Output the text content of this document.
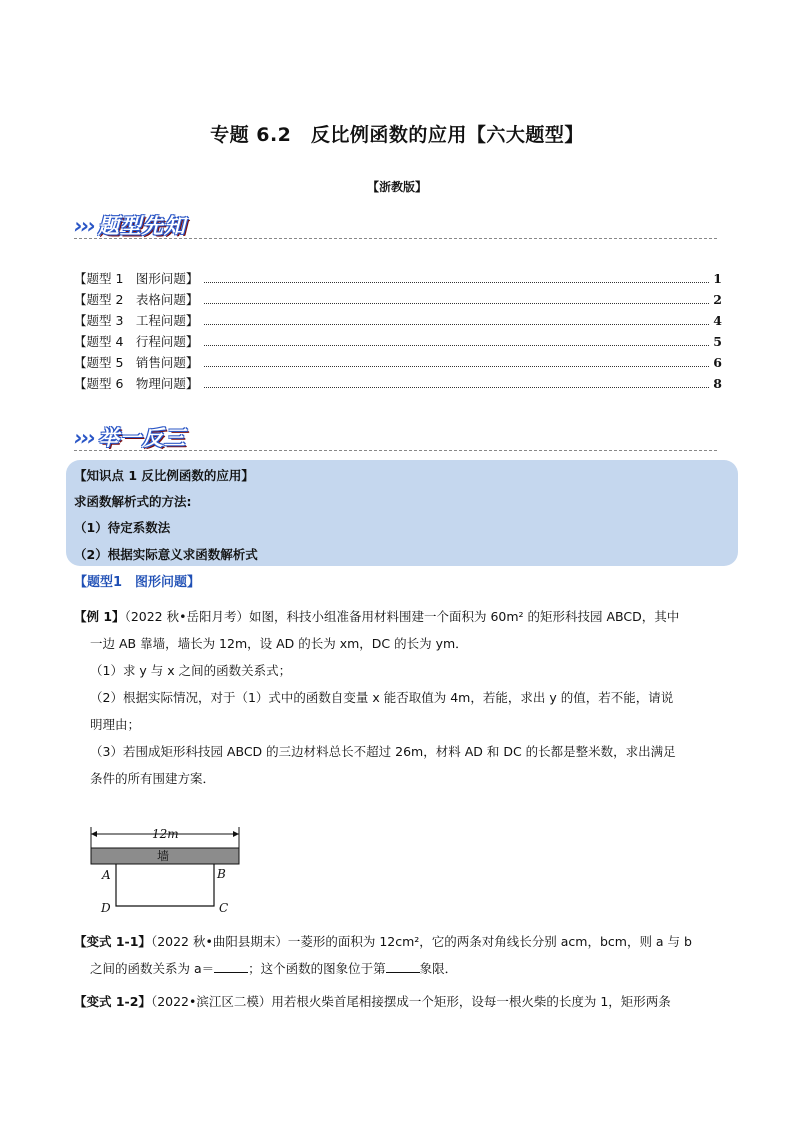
专题 6.2　反比例函数的应用【六大题型】
【浙教版】
››› 题型先知
【题型 1　图形问题】	1
【题型 2　表格问题】	2
【题型 3　工程问题】	4
【题型 4　行程问题】	5
【题型 5　销售问题】	6
【题型 6　物理问题】	8
››› 举一反三
【知识点 1 反比例函数的应用】
求函数解析式的方法:
（1）待定系数法
（2）根据实际意义求函数解析式
【题型1　图形问题】
【例 1】（2022 秋•岳阳月考）如图，科技小组准备用材料围建一个面积为 60m² 的矩形科技园 ABCD，其中
一边 AB 靠墙，墙长为 12m，设 AD 的长为 xm，DC 的长为 ym．
（1）求 y 与 x 之间的函数关系式；
（2）根据实际情况，对于（1）式中的函数自变量 x 能否取值为 4m，若能，求出 y 的值，若不能，请说
明理由；
（3）若围成矩形科技园 ABCD 的三边材料总长不超过 26m，材料 AD 和 DC 的长都是整米数，求出满足
条件的所有围建方案．
12m
墙
A	B
C
D
【变式 1-1】（2022 秋•曲阳县期末）一菱形的面积为 12cm²，它的两条对角线长分别 acm，bcm，则 a 与 b
之间的函数关系为 a＝	；这个函数的图象位于第	象限．
【变式 1-2】（2022•滨江区二模）用若根火柴首尾相接摆成一个矩形，设每一根火柴的长度为 1，矩形两条
